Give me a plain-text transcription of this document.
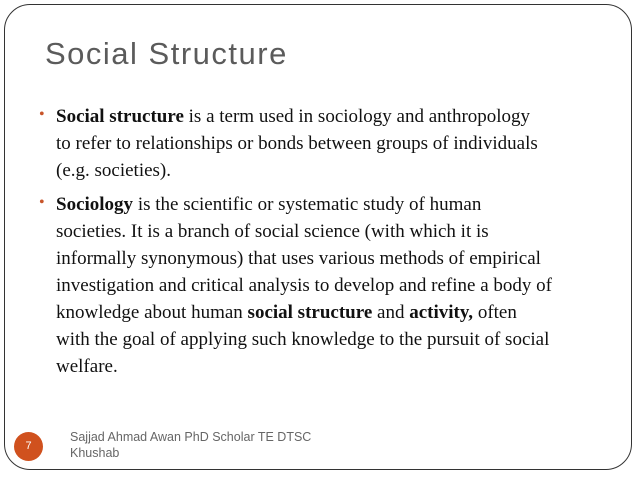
Social Structure
• Social structure is a term used in sociology and anthropology
to refer to relationships or bonds between groups of individuals
(e.g. societies).
• Sociology is the scientific or systematic study of human
societies. It is a branch of social science (with which it is
informally synonymous) that uses various methods of empirical
investigation and critical analysis to develop and refine a body of
knowledge about human social structure and activity, often
with the goal of applying such knowledge to the pursuit of social
welfare.
7
Sajjad Ahmad Awan PhD Scholar TE DTSC
Khushab
